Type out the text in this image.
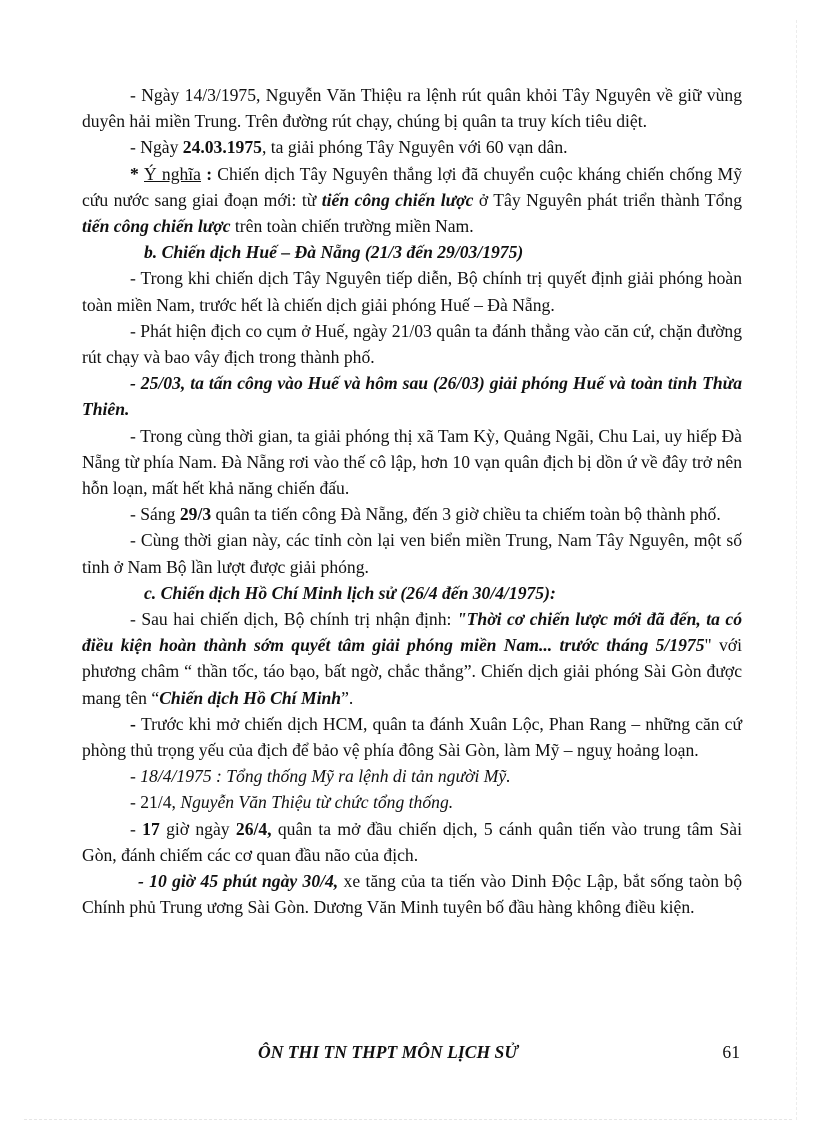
- Ngày 14/3/1975, Nguyễn Văn Thiệu ra lệnh rút quân khỏi Tây Nguyên về giữ vùng duyên hải miền Trung. Trên đường rút chạy, chúng bị quân ta truy kích tiêu diệt.

- Ngày 24.03.1975, ta giải phóng Tây Nguyên với 60 vạn dân.

* Ý nghĩa : Chiến dịch Tây Nguyên thắng lợi đã chuyển cuộc kháng chiến chống Mỹ cứu nước sang giai đoạn mới: từ tiến công chiến lược ở Tây Nguyên phát triển thành Tổng tiến công chiến lược trên toàn chiến trường miền Nam.

b. Chiến dịch Huế – Đà Nẵng (21/3 đến 29/03/1975)

- Trong khi chiến dịch Tây Nguyên tiếp diễn, Bộ chính trị quyết định giải phóng hoàn toàn miền Nam, trước hết là chiến dịch giải phóng Huế – Đà Nẵng.

- Phát hiện địch co cụm ở Huế, ngày 21/03 quân ta đánh thẳng vào căn cứ, chặn đường rút chạy và bao vây địch trong thành phố.

- 25/03, ta tấn công vào Huế và hôm sau (26/03) giải phóng Huế và toàn tỉnh Thừa Thiên.

- Trong cùng thời gian, ta giải phóng thị xã Tam Kỳ, Quảng Ngãi, Chu Lai, uy hiếp Đà Nẵng từ phía Nam. Đà Nẵng rơi vào thế cô lập, hơn 10 vạn quân địch bị dồn ứ về đây trở nên hỗn loạn, mất hết khả năng chiến đấu.

- Sáng 29/3 quân ta tiến công Đà Nẵng, đến 3 giờ chiều ta chiếm toàn bộ thành phố.

- Cùng thời gian này, các tỉnh còn lại ven biển miền Trung, Nam Tây Nguyên, một số tỉnh ở Nam Bộ lần lượt được giải phóng.

c. Chiến dịch Hồ Chí Minh lịch sử (26/4 đến 30/4/1975):

- Sau hai chiến dịch, Bộ chính trị nhận định: "Thời cơ chiến lược mới đã đến, ta có điều kiện hoàn thành sớm quyết tâm giải phóng miền Nam... trước tháng 5/1975" với phương châm “ thần tốc, táo bạo, bất ngờ, chắc thắng”. Chiến dịch giải phóng Sài Gòn được mang tên “Chiến dịch Hồ Chí Minh”.

- Trước khi mở chiến dịch HCM, quân ta đánh Xuân Lộc, Phan Rang – những căn cứ phòng thủ trọng yếu của địch để bảo vệ phía đông Sài Gòn, làm Mỹ – nguỵ hoảng loạn.

- 18/4/1975 : Tổng thống Mỹ ra lệnh di tản người Mỹ.

- 21/4, Nguyễn Văn Thiệu từ chức tổng thống.

- 17 giờ ngày 26/4, quân ta mở đầu chiến dịch, 5 cánh quân tiến vào trung tâm Sài Gòn, đánh chiếm các cơ quan đầu não của địch.

- 10 giờ 45 phút ngày 30/4, xe tăng của ta tiến vào Dinh Độc Lập, bắt sống taòn bộ Chính phủ Trung ương Sài Gòn. Dương Văn Minh tuyên bố đầu hàng không điều kiện.

ÔN THI TN THPT MÔN LỊCH SỬ	61
